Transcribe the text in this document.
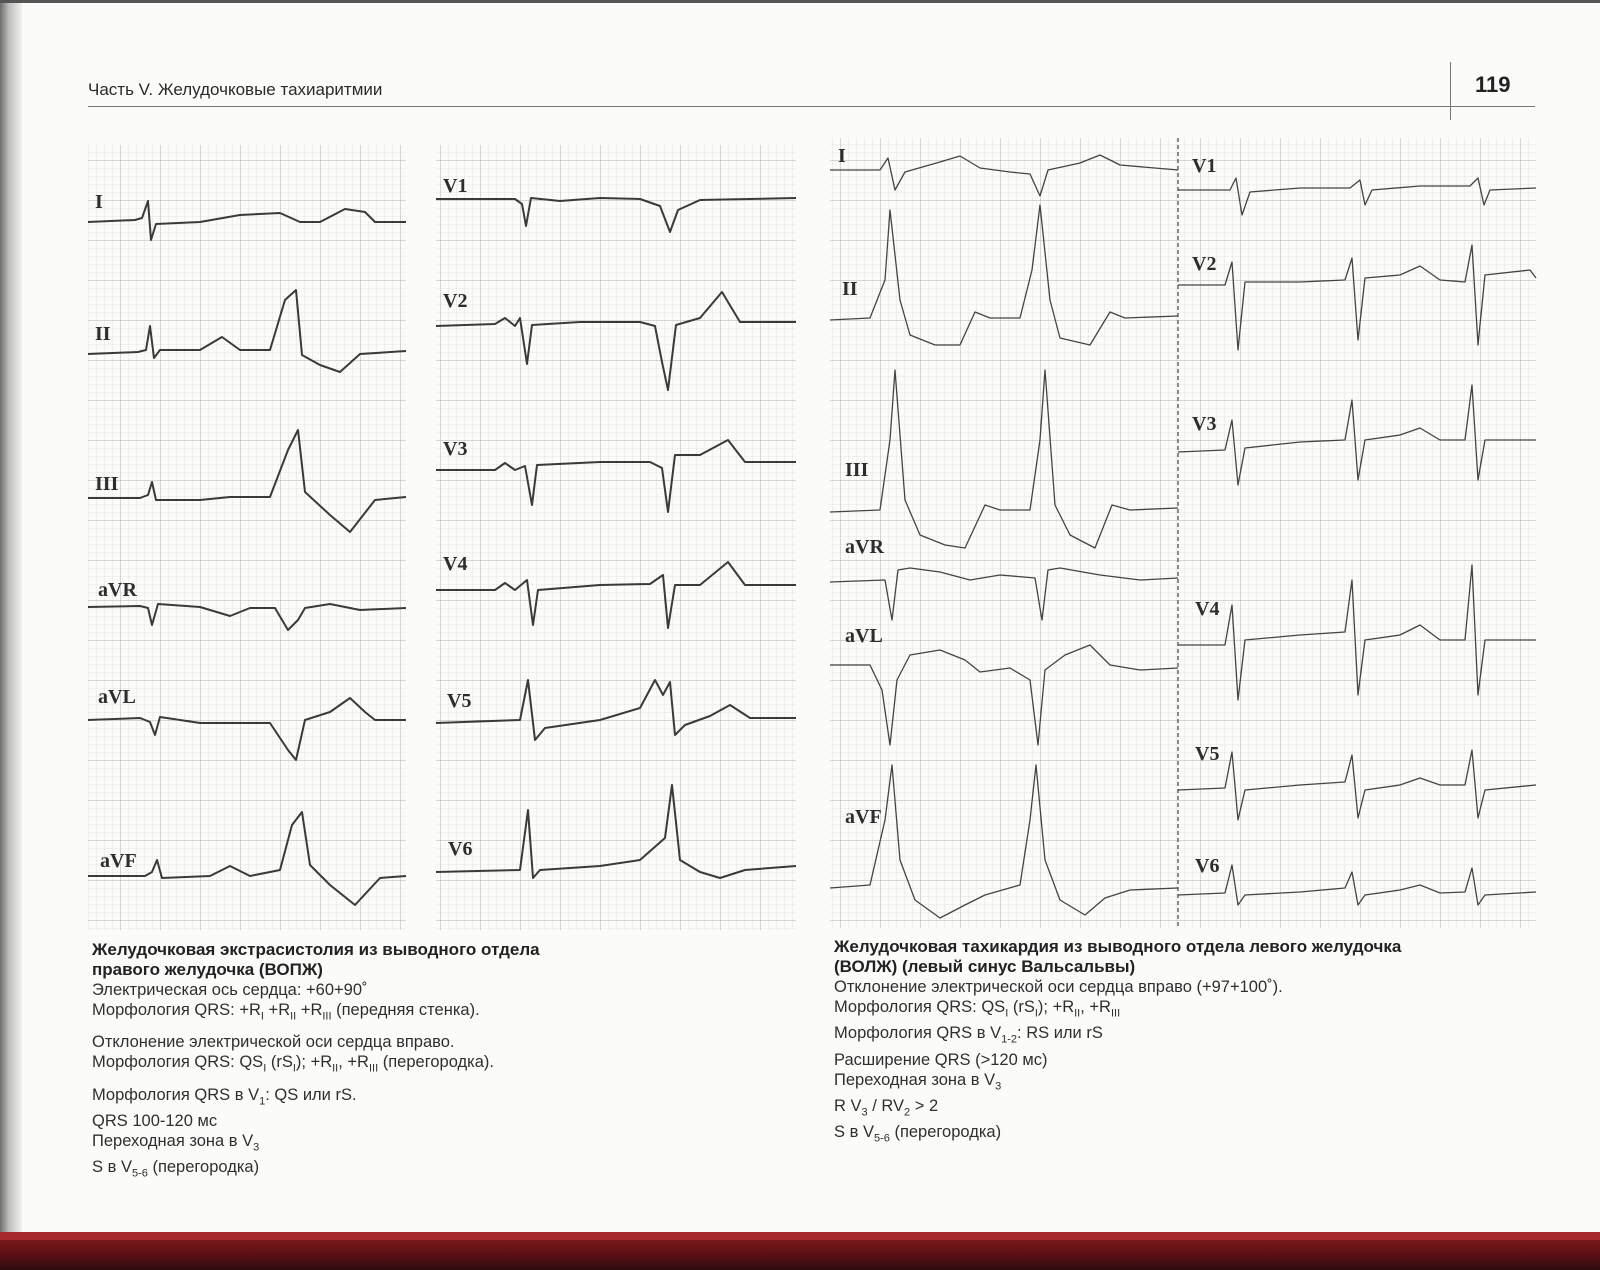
Часть V. Желудочковые тахиаритмии	119
I
II
III
aVR
aVL
aVF
V1
V2
V3
V4
V5
V6
I
II
III
aVR
aVL
aVF
V1
V2
V3
V4
V5
V6
Желудочковая экстрасистолия из выводного отдела
правого желудочка (ВОПЖ)
Электрическая ось сердца: +60+90˚
Морфология QRS: $+R_I +R_{II} +R_{III}$ (передняя стенка).
Отклонение электрической оси сердца вправо.
Морфология QRS: $QS_I$ $(rS_I)$; $+R_{II}$, $+R_{III}$ (перегородка).
Морфология QRS в $V_1$: QS или rS.
QRS 100-120 мс
Переходная зона в $V_3$
S в $V_{5-6}$ (перегородка)
Желудочковая тахикардия из выводного отдела левого желудочка
(ВОЛЖ) (левый синус Вальсальвы)
Отклонение электрической оси сердца вправо (+97+100˚).
Морфология QRS: $QS_I$ $(rS_I)$; $+R_{II}$, $+R_{III}$
Морфология QRS в $V_{1-2}$: RS или rS
Расширение QRS (>120 мс)
Переходная зона в $V_3$
R $V_3 / RV_2 > 2$
S в $V_{5-6}$ (перегородка)
